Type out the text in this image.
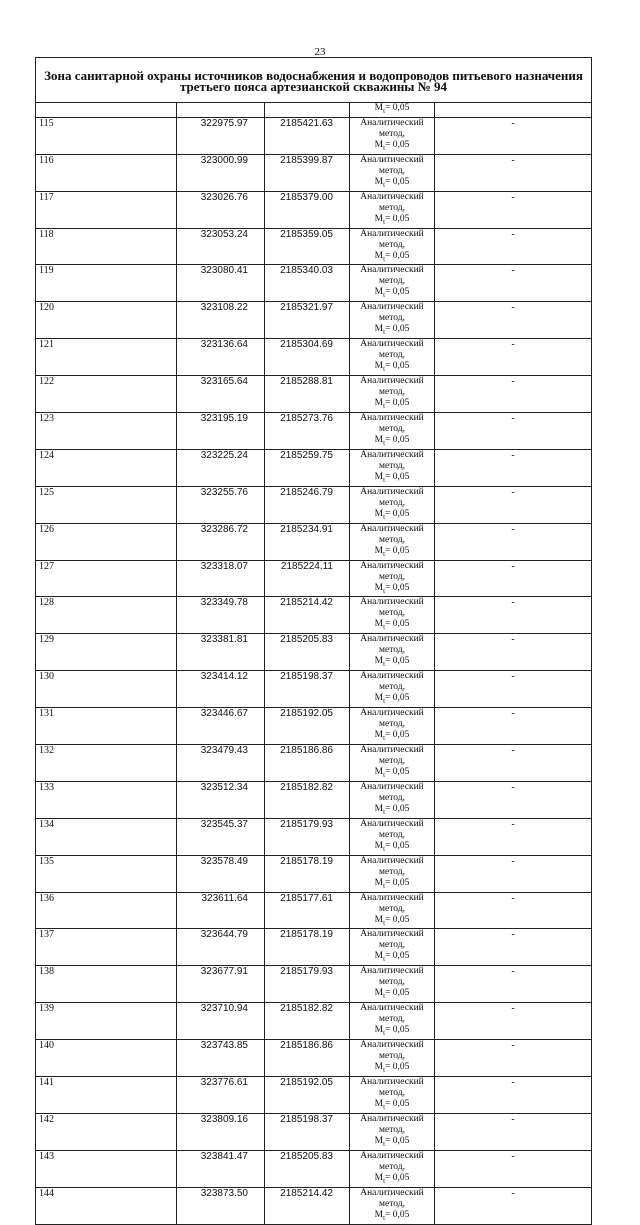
23
Зона санитарной охраны источников водоснабжения и водопроводов питьевого назначения
третьего пояса артезианской скважины № 94				

			$M_t= 0,05$	
115	322975.97	2185421.63	Аналитический метод,
$M_t= 0,05$	-
116	323000.99	2185399.87	Аналитический метод,
$M_t= 0,05$	-
117	323026.76	2185379.00	Аналитический метод,
$M_t= 0,05$	-
118	323053.24	2185359.05	Аналитический метод,
$M_t= 0,05$	-
119	323080.41	2185340.03	Аналитический метод,
$M_t= 0,05$	-
120	323108.22	2185321.97	Аналитический метод,
$M_t= 0,05$	-
121	323136.64	2185304.69	Аналитический метод,
$M_t= 0,05$	-
122	323165.64	2185288.81	Аналитический метод,
$M_t= 0,05$	-
123	323195.19	2185273.76	Аналитический метод,
$M_t= 0,05$	-
124	323225.24	2185259.75	Аналитический метод,
$M_t= 0,05$	-
125	323255.76	2185246.79	Аналитический метод,
$M_t= 0,05$	-
126	323286.72	2185234.91	Аналитический метод,
$M_t= 0,05$	-
127	323318.07	2185224.11	Аналитический метод,
$M_t= 0,05$	-
128	323349.78	2185214.42	Аналитический метод,
$M_t= 0,05$	-
129	323381.81	2185205.83	Аналитический метод,
$M_t= 0,05$	-
130	323414.12	2185198.37	Аналитический метод,
$M_t= 0,05$	-
131	323446.67	2185192.05	Аналитический метод,
$M_t= 0,05$	-
132	323479.43	2185186.86	Аналитический метод,
$M_t= 0,05$	-
133	323512.34	2185182.82	Аналитический метод,
$M_t= 0,05$	-
134	323545.37	2185179.93	Аналитический метод,
$M_t= 0,05$	-
135	323578.49	2185178.19	Аналитический метод,
$M_t= 0,05$	-
136	323611.64	2185177.61	Аналитический метод,
$M_t= 0,05$	-
137	323644.79	2185178.19	Аналитический метод,
$M_t= 0,05$	-
138	323677.91	2185179.93	Аналитический метод,
$M_t= 0,05$	-
139	323710.94	2185182.82	Аналитический метод,
$M_t= 0,05$	-
140	323743.85	2185186.86	Аналитический метод,
$M_t= 0,05$	-
141	323776.61	2185192.05	Аналитический метод,
$M_t= 0,05$	-
142	323809.16	2185198.37	Аналитический метод,
$M_t= 0,05$	-
143	323841.47	2185205.83	Аналитический метод,
$M_t= 0,05$	-
144	323873.50	2185214.42	Аналитический метод,
$M_t= 0,05$	-
